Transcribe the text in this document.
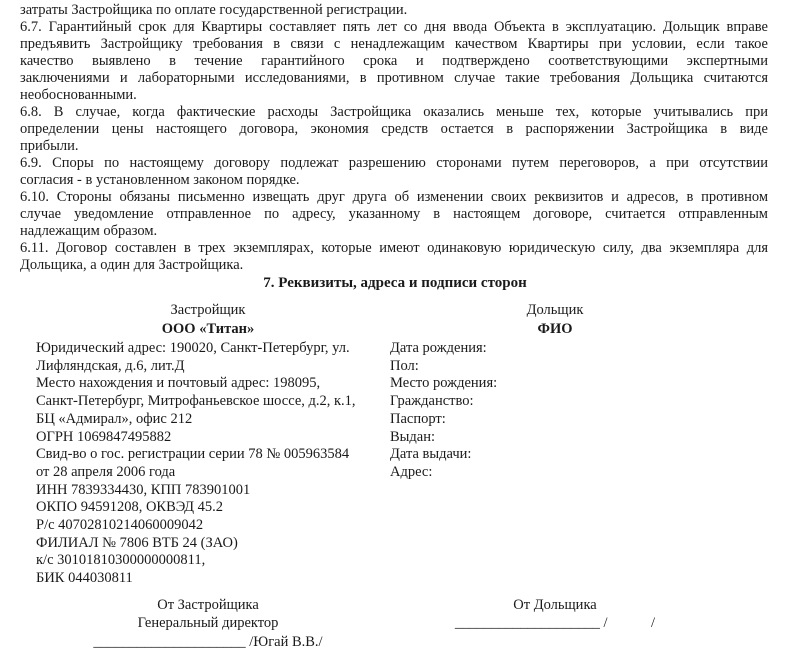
затраты Застройщика по оплате государственной регистрации.
6.7. Гарантийный срок для Квартиры составляет пять лет со дня ввода Объекта в эксплуатацию. Дольщик вправе
предъявить Застройщику требования в связи с ненадлежащим качеством Квартиры при условии, если такое
качество выявлено в течение гарантийного срока и подтверждено соответствующими экспертными
заключениями и лабораторными исследованиями, в противном случае такие требования Дольщика считаются
необоснованными.
6.8. В случае, когда фактические расходы Застройщика оказались меньше тех, которые учитывались при
определении цены настоящего договора, экономия средств остается в распоряжении Застройщика в виде
прибыли.
6.9. Споры по настоящему договору подлежат разрешению сторонами путем переговоров, а при отсутствии
согласия - в установленном законом порядке.
6.10. Стороны обязаны письменно извещать друг друга об изменении своих реквизитов и адресов, в противном
случае уведомление отправленное по адресу, указанному в настоящем договоре, считается отправленным
надлежащим образом.
6.11. Договор составлен в трех экземплярах, которые имеют одинаковую юридическую силу, два экземпляра для
Дольщика, а один для Застройщика.
7. Реквизиты, адреса и подписи сторон
Застройщик
ООО «Титан»
Юридический адрес: 190020, Санкт-Петербург, ул.
Лифляндская, д.6, лит.Д
Место нахождения и почтовый адрес: 198095,
Санкт-Петербург, Митрофаньевское шоссе, д.2, к.1,
БЦ «Адмирал», офис 212
ОГРН 1069847495882
Свид-во о гос. регистрации серии 78 № 005963584
от 28 апреля 2006 года
ИНН 7839334430, КПП 783901001
ОКПО 94591208, ОКВЭД 45.2
Р/с 40702810214060009042
ФИЛИАЛ № 7806 ВТБ 24 (ЗАО)
к/с 30101810300000000811,
БИК 044030811
Дольщик
ФИО
Дата рождения:
Пол:
Место рождения:
Гражданство:
Паспорт:
Выдан:
Дата выдачи:
Адрес:
От Застройщика
Генеральный директор
_____________________ /Югай В.В./
От Дольщика
____________________ /            /
